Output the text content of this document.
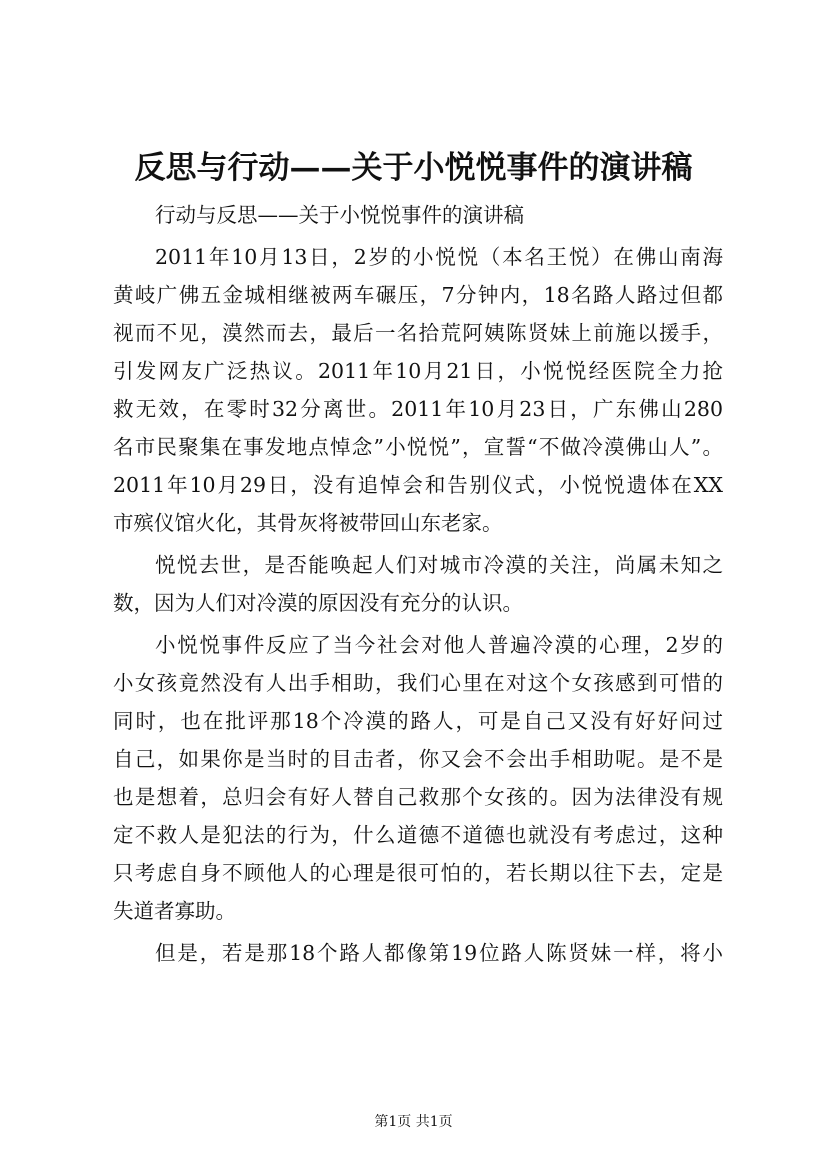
反思与行动——关于小悦悦事件的演讲稿
行动与反思——关于小悦悦事件的演讲稿
2011年10月13日，2岁的小悦悦（本名王悦）在佛山南海
黄岐广佛五金城相继被两车碾压，7分钟内，18名路人路过但都
视而不见，漠然而去，最后一名拾荒阿姨陈贤妹上前施以援手，
引发网友广泛热议。2011年10月21日，小悦悦经医院全力抢
救无效，在零时32分离世。2011年10月23日，广东佛山280
名市民聚集在事发地点悼念”小悦悦”，宣誓“不做冷漠佛山人”。
2011年10月29日，没有追悼会和告别仪式，小悦悦遗体在XX
市殡仪馆火化，其骨灰将被带回山东老家。
悦悦去世，是否能唤起人们对城市冷漠的关注，尚属未知之
数，因为人们对冷漠的原因没有充分的认识。
小悦悦事件反应了当今社会对他人普遍冷漠的心理，2岁的
小女孩竟然没有人出手相助，我们心里在对这个女孩感到可惜的
同时，也在批评那18个冷漠的路人，可是自己又没有好好问过
自己，如果你是当时的目击者，你又会不会出手相助呢。是不是
也是想着，总归会有好人替自己救那个女孩的。因为法律没有规
定不救人是犯法的行为，什么道德不道德也就没有考虑过，这种
只考虑自身不顾他人的心理是很可怕的，若长期以往下去，定是
失道者寡助。
但是，若是那18个路人都像第19位路人陈贤妹一样，将小
第1页 共1页
